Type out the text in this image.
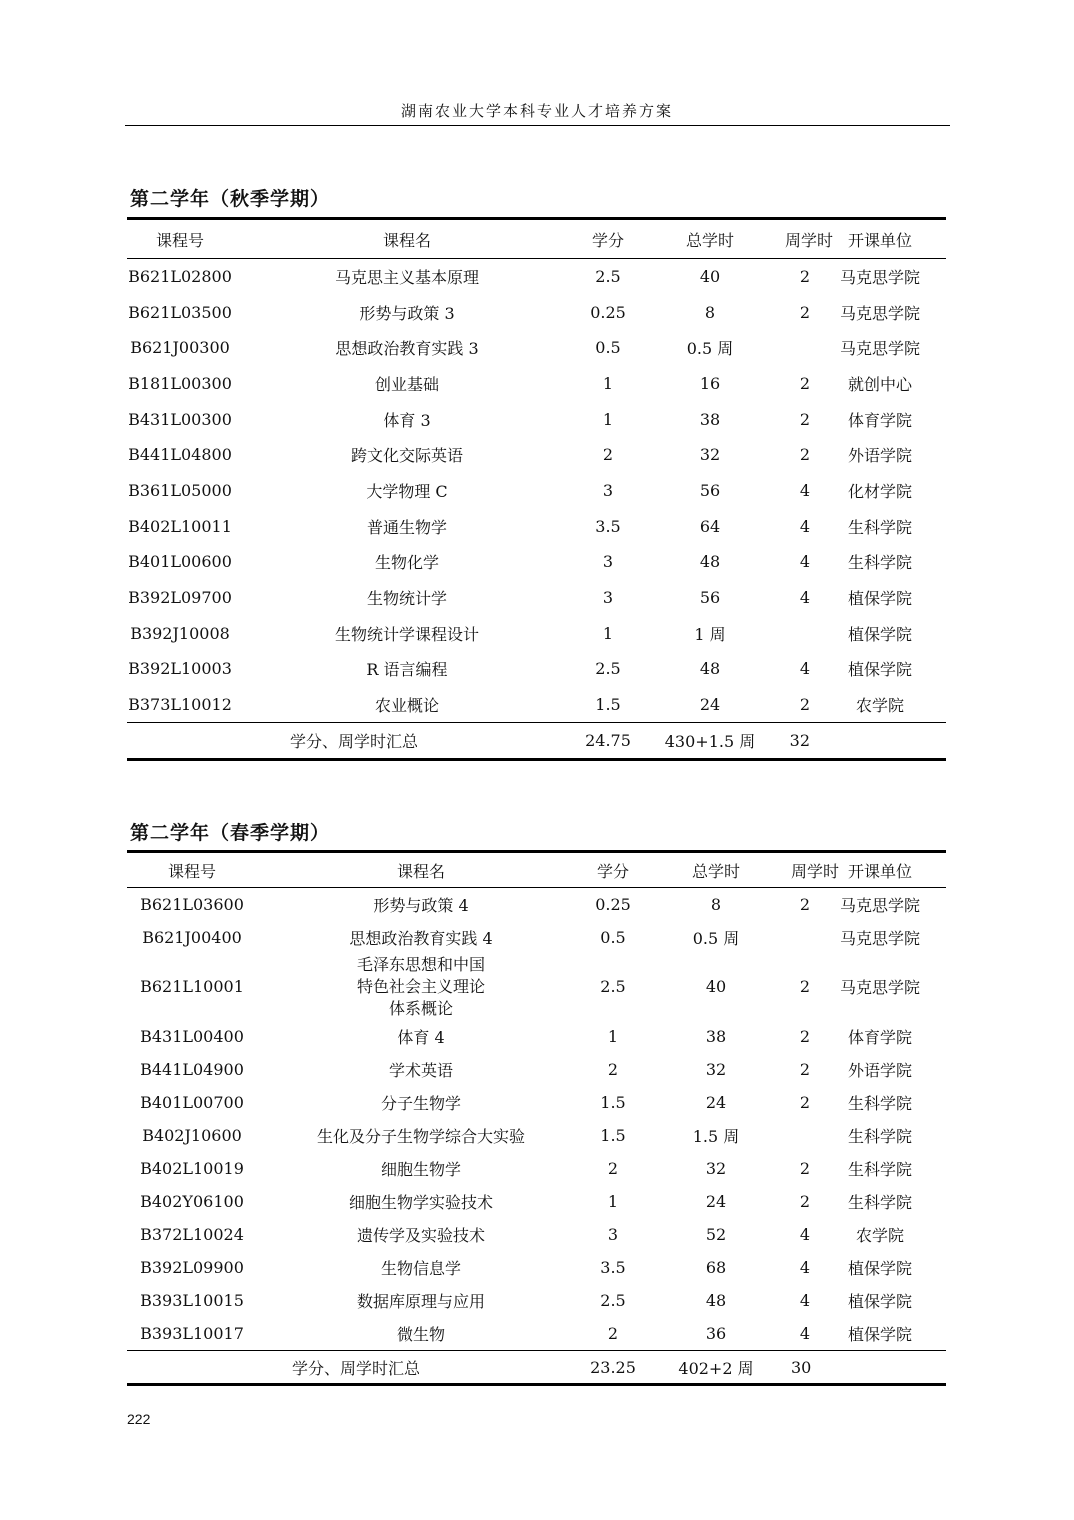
湖南农业大学本科专业人才培养方案
第二学年（秋季学期）
课程号	课程名	学分	总学时	周学时	开课单位
B621L02800	马克思主义基本原理	2.5	40	2	马克思学院
B621L03500	形势与政策 3	0.25	8	2	马克思学院
B621J00300	思想政治教育实践 3	0.5	0.5 周		马克思学院
B181L00300	创业基础	1	16	2	就创中心
B431L00300	体育 3	1	38	2	体育学院
B441L04800	跨文化交际英语	2	32	2	外语学院
B361L05000	大学物理 C	3	56	4	化材学院
B402L10011	普通生物学	3.5	64	4	生科学院
B401L00600	生物化学	3	48	4	生科学院
B392L09700	生物统计学	3	56	4	植保学院
B392J10008	生物统计学课程设计	1	1 周		植保学院
B392L10003	R 语言编程	2.5	48	4	植保学院
B373L10012	农业概论	1.5	24	2	农学院
学分、周学时汇总		24.75	430+1.5 周	32	
第二学年（春季学期）
课程号	课程名	学分	总学时	周学时	开课单位
B621L03600	形势与政策 4	0.25	8	2	马克思学院
B621J00400	思想政治教育实践 4	0.5	0.5 周		马克思学院
B621L10001	毛泽东思想和中国特色社会主义理论体系概论	2.5	40	2	马克思学院
B431L00400	体育 4	1	38	2	体育学院
B441L04900	学术英语	2	32	2	外语学院
B401L00700	分子生物学	1.5	24	2	生科学院
B402J10600	生化及分子生物学综合大实验	1.5	1.5 周		生科学院
B402L10019	细胞生物学	2	32	2	生科学院
B402Y06100	细胞生物学实验技术	1	24	2	生科学院
B372L10024	遗传学及实验技术	3	52	4	农学院
B392L09900	生物信息学	3.5	68	4	植保学院
B393L10015	数据库原理与应用	2.5	48	4	植保学院
B393L10017	微生物	2	36	4	植保学院
学分、周学时汇总		23.25	402+2 周	30	
222
